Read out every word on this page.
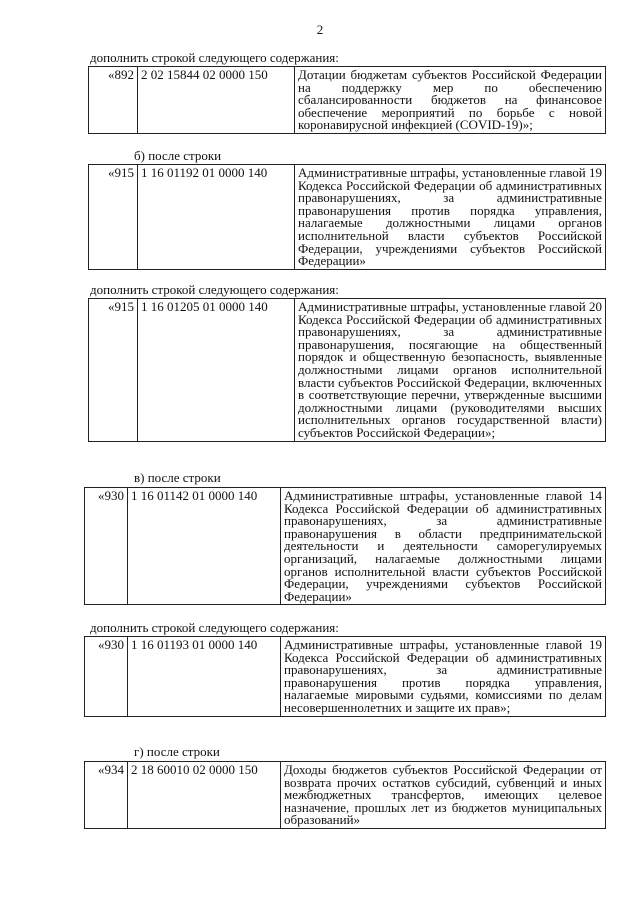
2
дополнить строкой следующего содержания:
«892	2 02 15844 02 0000 150	Дотации бюджетам субъектов Российской Федерации на поддержку мер по обеспечению сбалансированности бюджетов на финансовое обеспечение мероприятий по борьбе с новой коронавирусной инфекцией (COVID-19)»;
б) после строки
«915	1 16 01192 01 0000 140	Административные штрафы, установленные главой 19 Кодекса Российской Федерации об административных правонарушениях, за административные правонарушения против порядка управления, налагаемые должностными лицами органов исполнительной власти субъектов Российской Федерации, учреждениями субъектов Российской Федерации»
дополнить строкой следующего содержания:
«915	1 16 01205 01 0000 140	Административные штрафы, установленные главой 20 Кодекса Российской Федерации об административных правонарушениях, за административные правонарушения, посягающие на общественный порядок и общественную безопасность, выявленные должностными лицами органов исполнительной власти субъектов Российской Федерации, включенных в соответствующие перечни, утвержденные высшими должностными лицами (руководителями высших исполнительных органов государственной власти) субъектов Российской Федерации»;
в) после строки
«930	1 16 01142 01 0000 140	Административные штрафы, установленные главой 14 Кодекса Российской Федерации об административных правонарушениях, за административные правонарушения в области предпринимательской деятельности и деятельности саморегулируемых организаций, налагаемые должностными лицами органов исполнительной власти субъектов Российской Федерации, учреждениями субъектов Российской Федерации»
дополнить строкой следующего содержания:
«930	1 16 01193 01 0000 140	Административные штрафы, установленные главой 19 Кодекса Российской Федерации об административных правонарушениях, за административные правонарушения против порядка управления, налагаемые мировыми судьями, комиссиями по делам несовершеннолетних и защите их прав»;
г) после строки
«934	2 18 60010 02 0000 150	Доходы бюджетов субъектов Российской Федерации от возврата прочих остатков субсидий, субвенций и иных межбюджетных трансфертов, имеющих целевое назначение, прошлых лет из бюджетов муниципальных образований»
